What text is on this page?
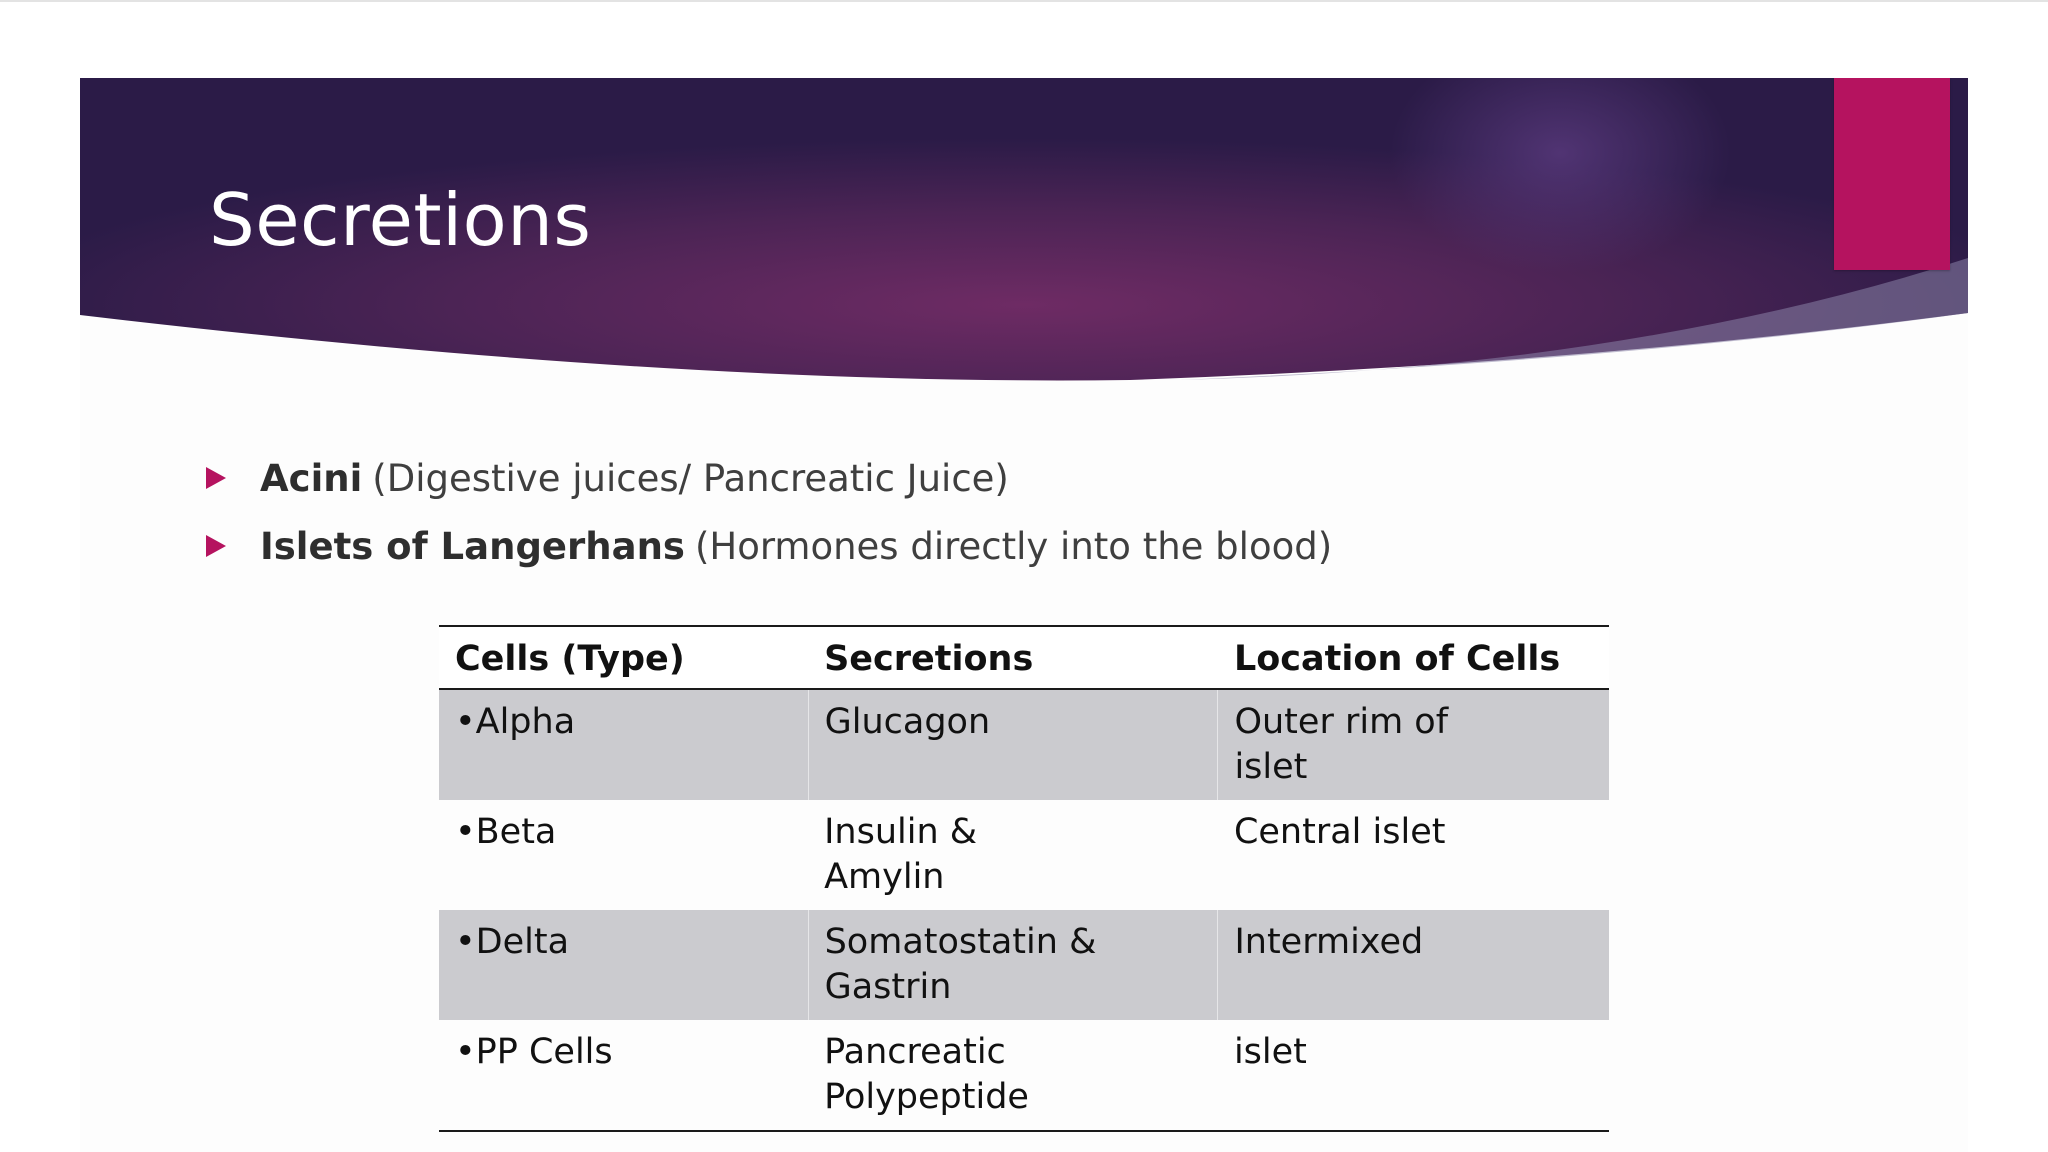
Secretions
Acini (Digestive juices/ Pancreatic Juice)
Islets of Langerhans (Hormones directly into the blood)
Cells (Type)	Secretions	Location of Cells
•Alpha	Glucagon	Outer rim of islet
•Beta	Insulin & Amylin	Central islet
•Delta	Somatostatin & Gastrin	Intermixed
•PP Cells	Pancreatic Polypeptide	islet
